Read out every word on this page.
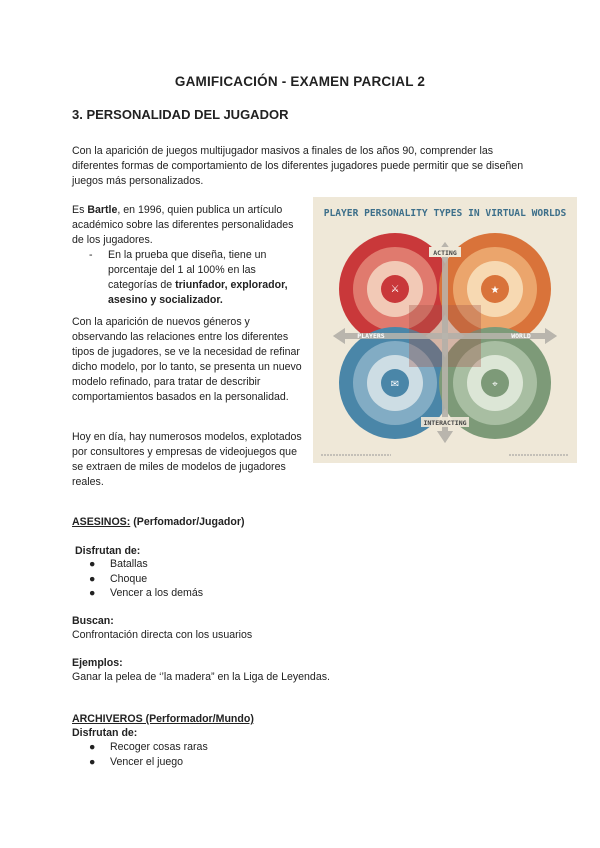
GAMIFICACIÓN - EXAMEN PARCIAL 2
3. PERSONALIDAD DEL JUGADOR

Con la aparición de juegos multijugador masivos a finales de los años 90, comprender las diferentes formas de comportamiento de los diferentes jugadores puede permitir que se diseñen juegos más personalizados.

Es Bartle, en 1996, quien publica un artículo académico sobre las diferentes personalidades de los jugadores.

- En la prueba que diseña, tiene un porcentaje del 1 al 100% en las categorías de triunfador, explorador, asesino y socializador.

Con la aparición de nuevos géneros y observando las relaciones entre los diferentes tipos de jugadores, se ve la necesidad de refinar dicho modelo, por lo tanto, se presenta un nuevo modelo refinado, para tratar de describir comportamientos basados en la personalidad.

Hoy en día, hay numerosos modelos, explotados por consultores y empresas de videojuegos que se extraen de miles de modelos de jugadores reales.

ASESINOS: (Perfomador/Jugador)
Disfrutan de:
● Batallas
● Choque
● Vencer a los demás
Buscan:
Confrontación directa con los usuarios
Ejemplos:
Ganar la pelea de ‘’la madera” en la Liga de Leyendas.
ARCHIVEROS (Performador/Mundo)
Disfrutan de:
● Recoger cosas raras
● Vencer el juego
PLAYER PERSONALITY TYPES IN VIRTUAL WORLDS
⚔	★
✉	⌖
ACTING
PLAYERS	WORLD
INTERACTING
